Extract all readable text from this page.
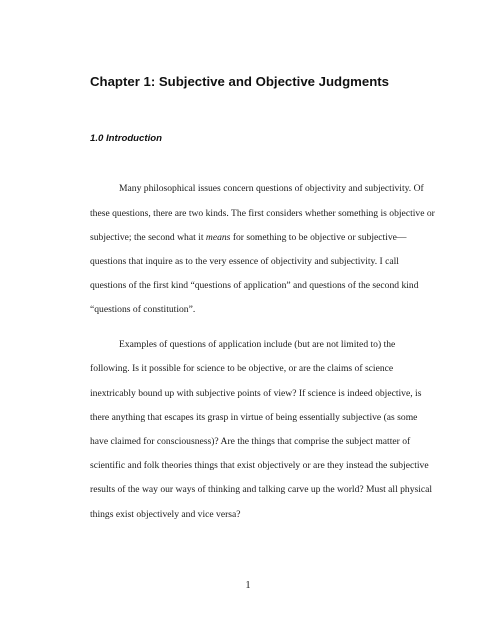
Chapter 1: Subjective and Objective Judgments
1.0 Introduction

Many philosophical issues concern questions of objectivity and subjectivity. Of

these questions, there are two kinds. The first considers whether something is objective or

subjective; the second what it means for something to be objective or subjective—

questions that inquire as to the very essence of objectivity and subjectivity. I call

questions of the first kind “questions of application” and questions of the second kind

“questions of constitution”.

Examples of questions of application include (but are not limited to) the

following. Is it possible for science to be objective, or are the claims of science

inextricably bound up with subjective points of view? If science is indeed objective, is

there anything that escapes its grasp in virtue of being essentially subjective (as some

have claimed for consciousness)? Are the things that comprise the subject matter of

scientific and folk theories things that exist objectively or are they instead the subjective

results of the way our ways of thinking and talking carve up the world? Must all physical

things exist objectively and vice versa?

1
